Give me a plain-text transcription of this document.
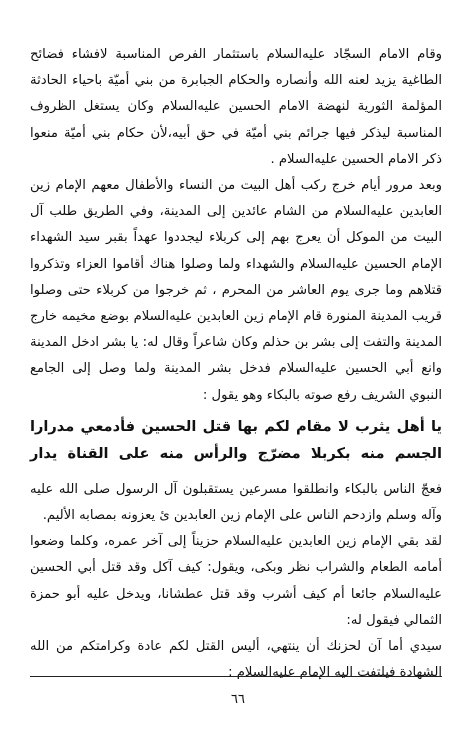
وقام الامام السجّاد عليه‌السلام باستثمار الفرص المناسبة لافشاء فضائح الطاغية يزيد لعنه الله وأنصاره والحكام الجبابرة من بني أميّة باحياء الحادثة المؤلمة الثورية لنهضة الامام الحسين عليه‌السلام وكان يستغل الظروف المناسبة ليذكر فيها جرائم بني أميّة في حق أبيه،لأن حكام بني أميّة منعوا ذكر الامام الحسين عليه‌السلام .

وبعد مرور أيام خرج ركب أهل البيت من النساء والأطفال معهم الإمام زين العابدين عليه‌السلام من الشام عائدين إلى المدينة، وفي الطريق طلب آل البيت من الموكل أن يعرج بهم إلى كربلاء ليجددوا عهداً بقبر سيد الشهداء الإمام الحسين عليه‌السلام والشهداء ولما وصلوا هناك أقاموا العزاء وتذكروا قتلاهم وما جرى يوم العاشر من المحرم ، ثم خرجوا من كربلاء حتى وصلوا قريب المدينة المنورة قام الإمام زين العابدين عليه‌السلام بوضع مخيمه خارج المدينة والتفت إلى بشر بن حذلم وكان شاعراً وقال له: يا بشر ادخل المدينة وانع أبي الحسين عليه‌السلام فدخل بشر المدينة ولما وصل إلى الجامع النبوي الشريف رفع صوته بالبكاء وهو يقول :

يا أهل يثرب لا مقام لكم بها قتل الحسين فأدمعي مدرارا
الجسم منه بكربلا مضرّج والرأس منه على القناة يدار

فعجّ الناس بالبكاء وانطلقوا مسرعين يستقبلون آل الرسول صلى الله عليه وآله وسلم وازدحم الناس على الإمام زين العابدين ئ يعزونه بمصابه الأليم.

لقد بقي الإمام زين العابدين عليه‌السلام حزيناً إلى آخر عمره، وكلما وضعوا أمامه الطعام والشراب نظر وبكى، ويقول: كيف آكل وقد قتل أبي الحسين عليه‌السلام جائعا أم كيف أشرب وقد قتل عطشانا، ويدخل عليه أبو حمزة الثمالي فيقول له:

سيدي أما آن لحزنك أن ينتهي، أليس القتل لكم عادة وكرامتكم من الله الشهادة فيلتفت اليه الإمام عليه‌السلام :

٦٦
